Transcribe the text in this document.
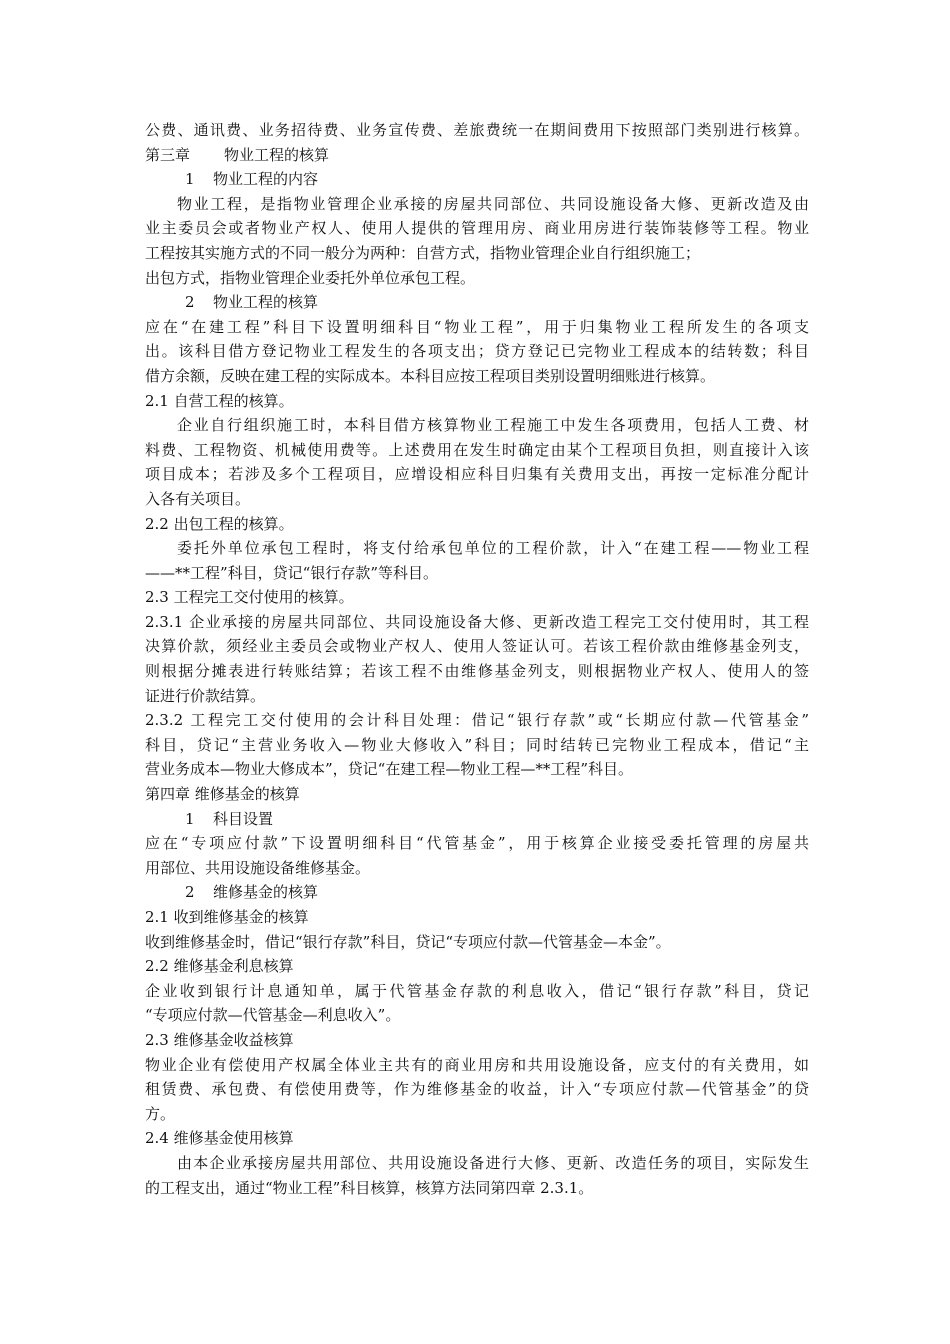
公费、通讯费、业务招待费、业务宣传费、差旅费统一在期间费用下按照部门类别进行核算。
第三章 物业工程的核算
1 物业工程的内容
物业工程，是指物业管理企业承接的房屋共同部位、共同设施设备大修、更新改造及由
业主委员会或者物业产权人、使用人提供的管理用房、商业用房进行装饰装修等工程。物业
工程按其实施方式的不同一般分为两种：自营方式，指物业管理企业自行组织施工；
出包方式，指物业管理企业委托外单位承包工程。
2 物业工程的核算
应在“在建工程”科目下设置明细科目“物业工程”，用于归集物业工程所发生的各项支
出。该科目借方登记物业工程发生的各项支出；贷方登记已完物业工程成本的结转数；科目
借方余额，反映在建工程的实际成本。本科目应按工程项目类别设置明细账进行核算。
2.1 自营工程的核算。
企业自行组织施工时，本科目借方核算物业工程施工中发生各项费用，包括人工费、材
料费、工程物资、机械使用费等。上述费用在发生时确定由某个工程项目负担，则直接计入该
项目成本；若涉及多个工程项目，应增设相应科目归集有关费用支出，再按一定标准分配计
入各有关项目。
2.2 出包工程的核算。
委托外单位承包工程时，将支付给承包单位的工程价款，计入“在建工程——物业工程
——**工程”科目，贷记“银行存款”等科目。
2.3 工程完工交付使用的核算。
2.3.1 企业承接的房屋共同部位、共同设施设备大修、更新改造工程完工交付使用时，其工程
决算价款，须经业主委员会或物业产权人、使用人签证认可。若该工程价款由维修基金列支，
则根据分摊表进行转账结算；若该工程不由维修基金列支，则根据物业产权人、使用人的签
证进行价款结算。
2.3.2 工程完工交付使用的会计科目处理：借记“银行存款”或“长期应付款—代管基金”
科目，贷记“主营业务收入—物业大修收入”科目；同时结转已完物业工程成本，借记“主
营业务成本—物业大修成本”，贷记“在建工程—物业工程—**工程”科目。
第四章 维修基金的核算
1 科目设置
应在“专项应付款”下设置明细科目“代管基金”，用于核算企业接受委托管理的房屋共
用部位、共用设施设备维修基金。
2 维修基金的核算
2.1 收到维修基金的核算
收到维修基金时，借记“银行存款”科目，贷记“专项应付款—代管基金—本金”。
2.2 维修基金利息核算
企业收到银行计息通知单，属于代管基金存款的利息收入，借记“银行存款”科目，贷记
“专项应付款—代管基金—利息收入”。
2.3 维修基金收益核算
物业企业有偿使用产权属全体业主共有的商业用房和共用设施设备，应支付的有关费用，如
租赁费、承包费、有偿使用费等，作为维修基金的收益，计入“专项应付款—代管基金”的贷
方。
2.4 维修基金使用核算
由本企业承接房屋共用部位、共用设施设备进行大修、更新、改造任务的项目，实际发生
的工程支出，通过“物业工程”科目核算，核算方法同第四章 2.3.1。
